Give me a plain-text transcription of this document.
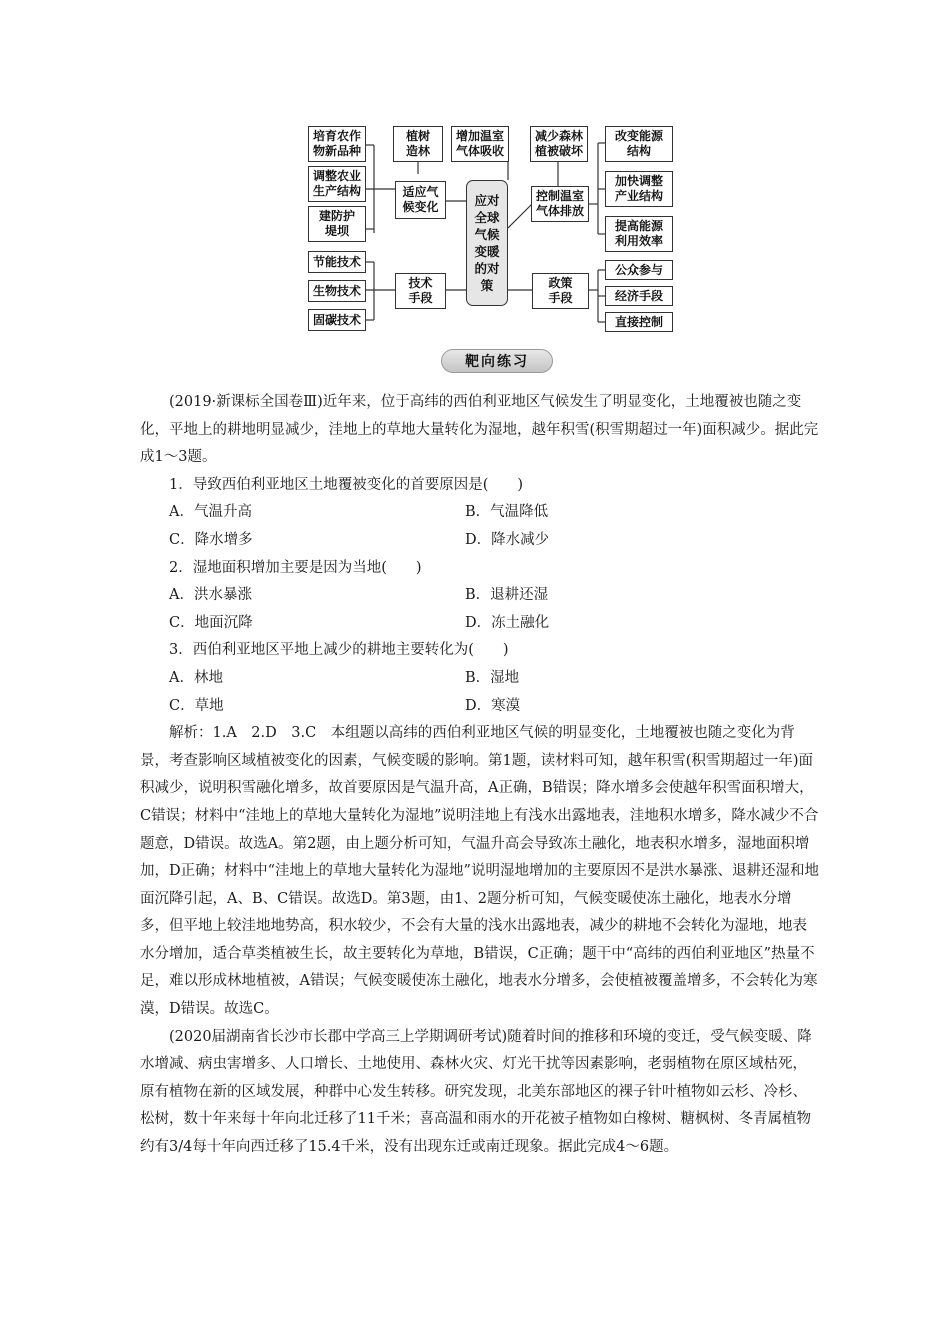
培育农作
物新品种
调整农业
生产结构
建防护
堤坝
节能技术
生物技术
固碳技术
植树
造林
适应气
候变化
技术
手段
增加温室
气体吸收
应对
全球
气候
变暖
的对
策
减少森林
植被破坏
控制温室
气体排放
政策
手段
改变能源
结构
加快调整
产业结构
提高能源
利用效率
公众参与
经济手段
直接控制
靶向练习

(2019·新课标全国卷Ⅲ)近年来，位于高纬的西伯利亚地区气候发生了明显变化，土地覆被也随之变化，平地上的耕地明显减少，洼地上的草地大量转化为湿地，越年积雪(积雪期超过一年)面积减少。据此完成1～3题。

1．导致西伯利亚地区土地覆被变化的首要原因是(　　)

A．气温升高	B．气温降低
C．降水增多	D．降水减少

2．湿地面积增加主要是因为当地(　　)

A．洪水暴涨	B．退耕还湿
C．地面沉降	D．冻土融化

3．西伯利亚地区平地上减少的耕地主要转化为(　　)

A．林地	B．湿地
C．草地	D．寒漠

解析：1.A　2.D　3.C　本组题以高纬的西伯利亚地区气候的明显变化，土地覆被也随之变化为背景，考查影响区域植被变化的因素，气候变暖的影响。第1题，读材料可知，越年积雪(积雪期超过一年)面积减少，说明积雪融化增多，故首要原因是气温升高，A正确，B错误；降水增多会使越年积雪面积增大，C错误；材料中“洼地上的草地大量转化为湿地”说明洼地上有浅水出露地表，洼地积水增多，降水减少不合题意，D错误。故选A。第2题，由上题分析可知，气温升高会导致冻土融化，地表积水增多，湿地面积增加，D正确；材料中“洼地上的草地大量转化为湿地”说明湿地增加的主要原因不是洪水暴涨、退耕还湿和地面沉降引起，A、B、C错误。故选D。第3题，由1、2题分析可知，气候变暖使冻土融化，地表水分增多，但平地上较洼地地势高，积水较少，不会有大量的浅水出露地表，减少的耕地不会转化为湿地，地表水分增加，适合草类植被生长，故主要转化为草地，B错误，C正确；题干中“高纬的西伯利亚地区”热量不足，难以形成林地植被，A错误；气候变暖使冻土融化，地表水分增多，会使植被覆盖增多，不会转化为寒漠，D错误。故选C。

(2020届湖南省长沙市长郡中学高三上学期调研考试)随着时间的推移和环境的变迁，受气候变暖、降水增减、病虫害增多、人口增长、土地使用、森林火灾、灯光干扰等因素影响，老弱植物在原区域枯死，原有植物在新的区域发展，种群中心发生转移。研究发现，北美东部地区的裸子针叶植物如云杉、冷杉、松树，数十年来每十年向北迁移了11千米；喜高温和雨水的开花被子植物如白橡树、糖枫树、冬青属植物约有3/4每十年向西迁移了15.4千米，没有出现东迁或南迁现象。据此完成4～6题。
